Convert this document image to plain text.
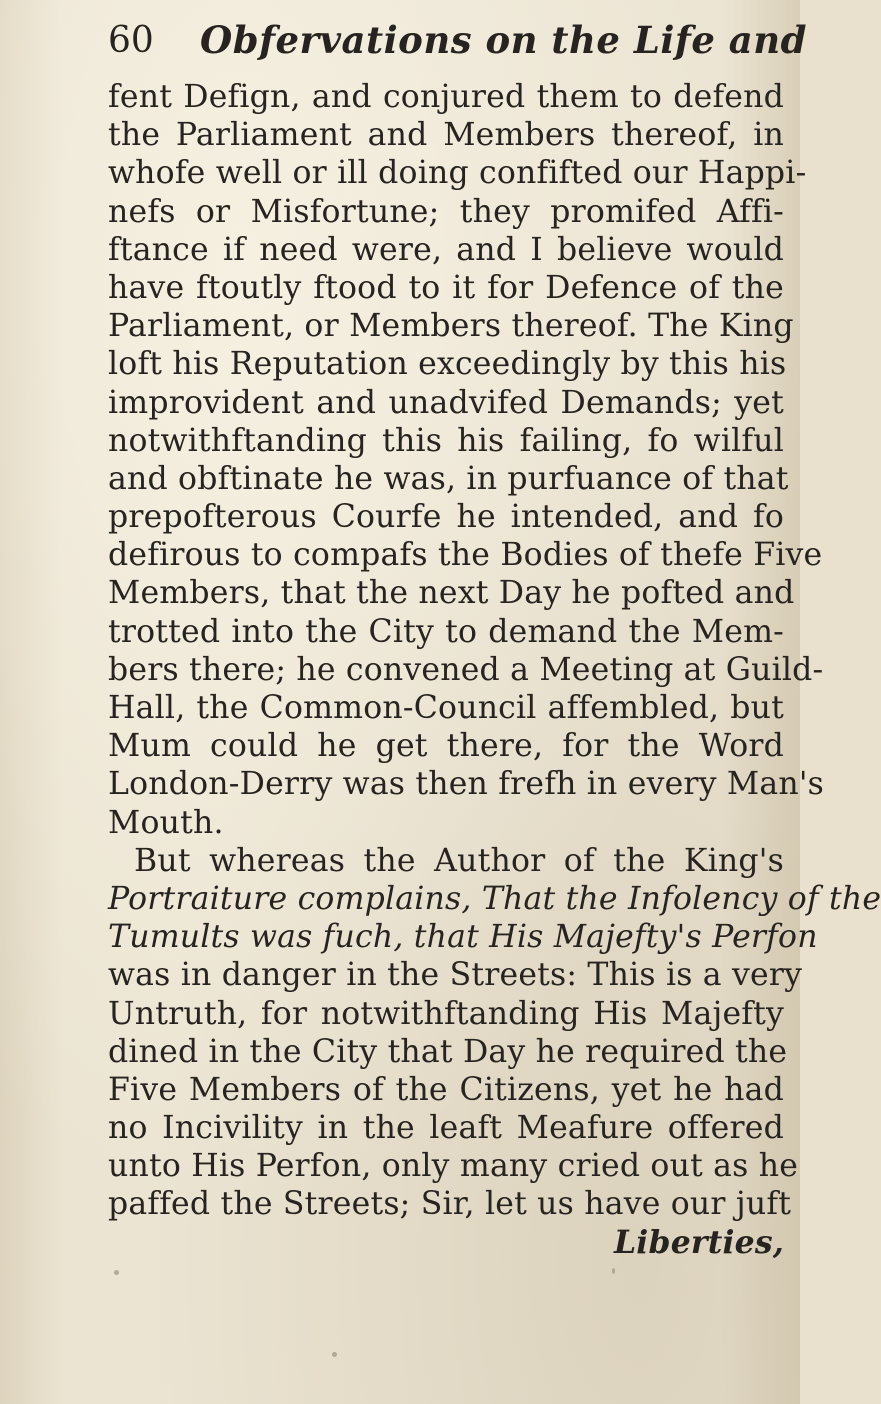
60 Obfervations on the Life and
fent Defign, and conjured them to defend
the Parliament and Members thereof, in
whofe well or ill doing confifted our Happi-
nefs or Misfortune; they promifed Affi-
ftance if need were, and I believe would
have ftoutly ftood to it for Defence of the
Parliament, or Members thereof. The King
loft his Reputation exceedingly by this his
improvident and unadvifed Demands; yet
notwithftanding this his failing, fo wilful
and obftinate he was, in purfuance of that
prepofterous Courfe he intended, and fo
defirous to compafs the Bodies of thefe Five
Members, that the next Day he pofted and
trotted into the City to demand the Mem-
bers there; he convened a Meeting at Guild-
Hall, the Common-Council affembled, but
Mum could he get there, for the Word
London-Derry was then frefh in every Man's
Mouth.
But whereas the Author of the King's
Portraiture complains, That the Infolency of the
Tumults was fuch, that His Majefty's Perfon
was in danger in the Streets: This is a very
Untruth, for notwithftanding His Majefty
dined in the City that Day he required the
Five Members of the Citizens, yet he had
no Incivility in the leaft Meafure offered
unto His Perfon, only many cried out as he
paffed the Streets; Sir, let us have our juft
Liberties,
